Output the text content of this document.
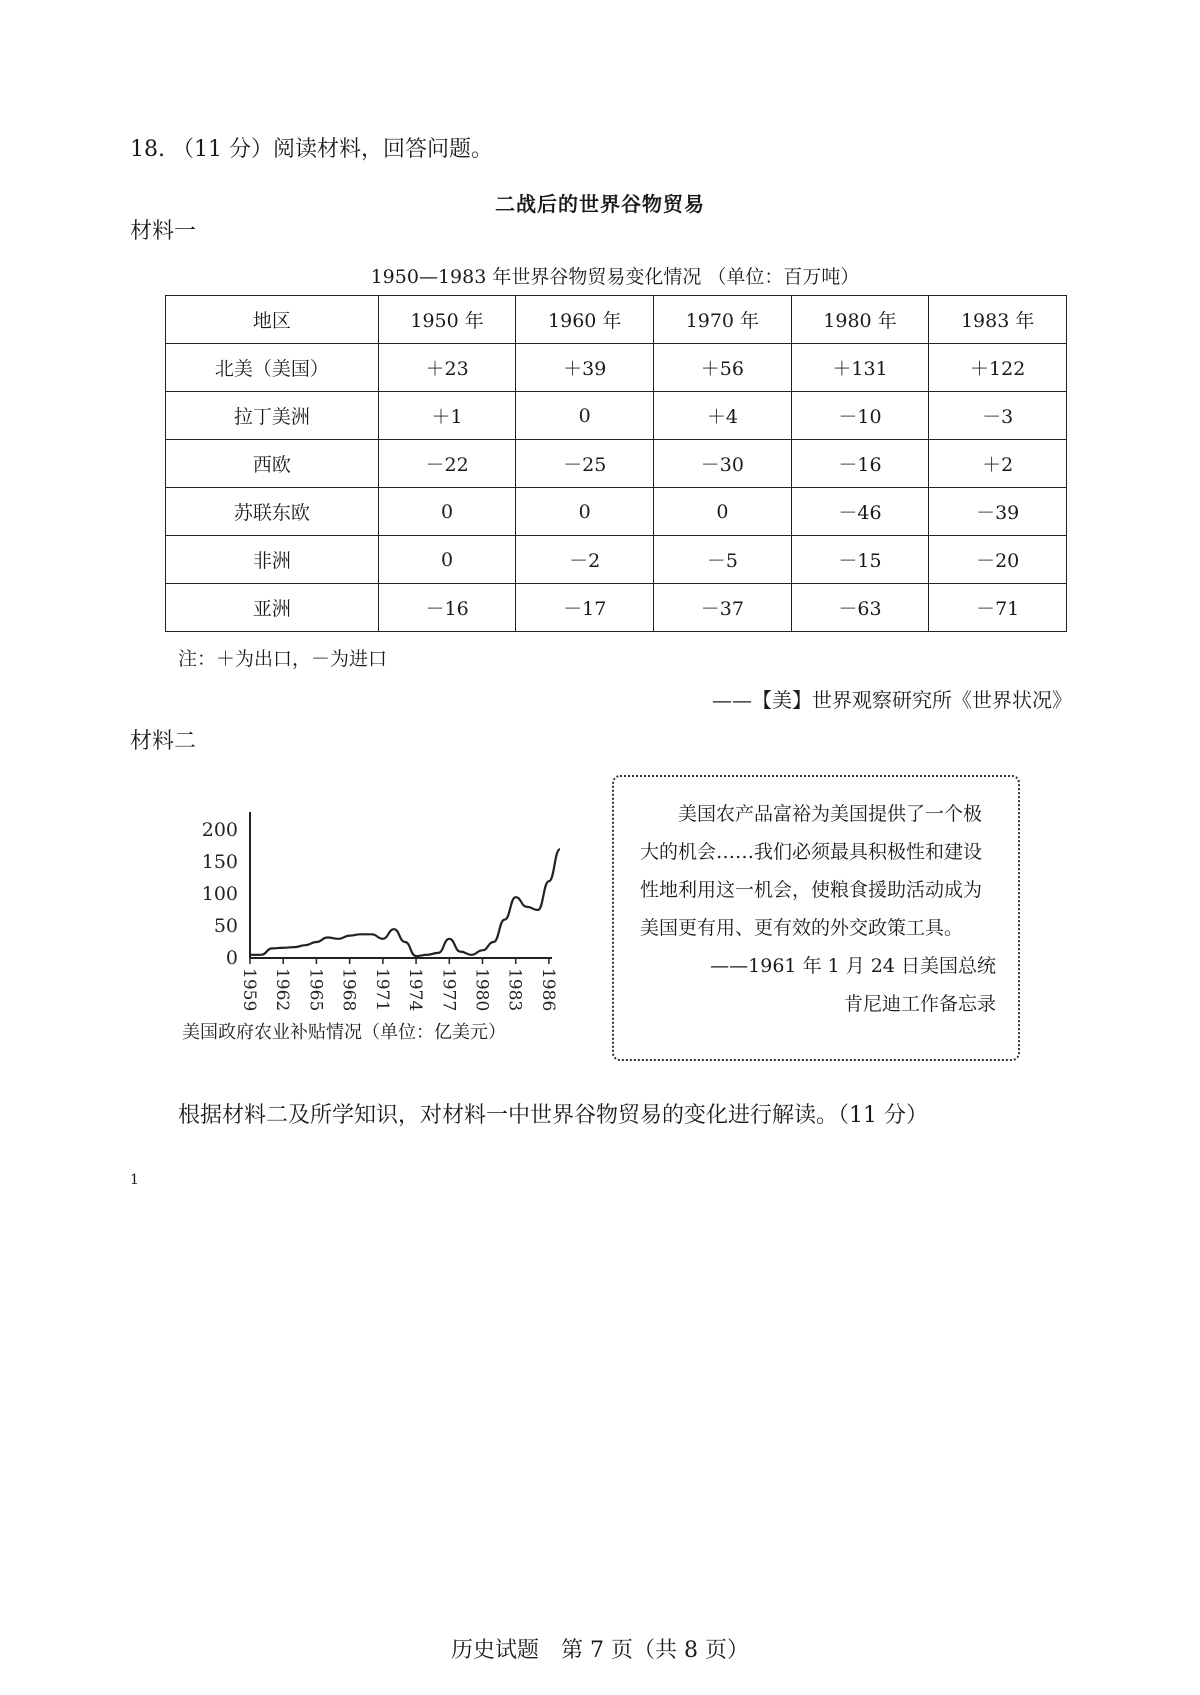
18. （11 分）阅读材料，回答问题。
二战后的世界谷物贸易
材料一
1950—1983 年世界谷物贸易变化情况 （单位：百万吨）
地区	1950 年	1960 年	1970 年	1980 年	1983 年
北美（美国）	＋23	＋39	＋56	＋131	＋122
拉丁美洲	＋1	0	＋4	－10	－3
西欧	－22	－25	－30	－16	＋2
苏联东欧	0	0	0	－46	－39
非洲	0	－2	－5	－15	－20
亚洲	－16	－17	－37	－63	－71
注：＋为出口，－为进口
——【美】世界观察研究所《世界状况》
材料二
200
150
100
50
0
1959 1962 1965 1968 1971 1974 1977 1980 1983 1986
美国政府农业补贴情况（单位：亿美元）
美国农产品富裕为美国提供了一个极大的机会……我们必须最具积极性和建设性地利用这一机会，使粮食援助活动成为美国更有用、更有效的外交政策工具。
——1961 年 1 月 24 日美国总统
肯尼迪工作备忘录
根据材料二及所学知识，对材料一中世界谷物贸易的变化进行解读。（11 分）
1
历史试题　第 7 页（共 8 页）
